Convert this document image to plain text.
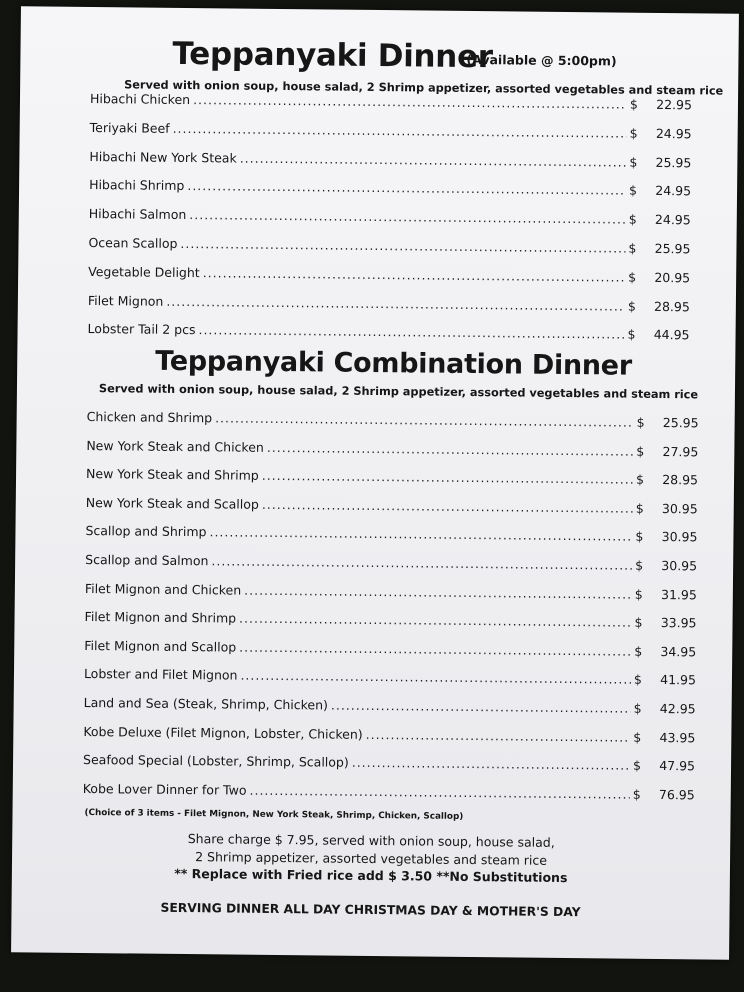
Teppanyaki Dinner
(Available @ 5:00pm)
Served with onion soup, house salad, 2 Shrimp appetizer, assorted vegetables and steam rice
Hibachi Chicken .....	$ 22.95
Teriyaki Beef .....	$ 24.95
Hibachi New York Steak .....	$ 25.95
Hibachi Shrimp .....	$ 24.95
Hibachi Salmon .....	$ 24.95
Ocean Scallop .....	$ 25.95
Vegetable Delight .....	$ 20.95
Filet Mignon .....	$ 28.95
Lobster Tail 2 pcs .....	$ 44.95
Teppanyaki Combination Dinner
Served with onion soup, house salad, 2 Shrimp appetizer, assorted vegetables and steam rice
Chicken and Shrimp .....	$ 25.95
New York Steak and Chicken .....	$ 27.95
New York Steak and Shrimp .....	$ 28.95
New York Steak and Scallop .....	$ 30.95
Scallop and Shrimp .....	$ 30.95
Scallop and Salmon .....	$ 30.95
Filet Mignon and Chicken .....	$ 31.95
Filet Mignon and Shrimp .....	$ 33.95
Filet Mignon and Scallop .....	$ 34.95
Lobster and Filet Mignon .....	$ 41.95
Land and Sea (Steak, Shrimp, Chicken) .....	$ 42.95
Kobe Deluxe (Filet Mignon, Lobster, Chicken) .....	$ 43.95
Seafood Special (Lobster, Shrimp, Scallop) .....	$ 47.95
Kobe Lover Dinner for Two .....	$ 76.95
(Choice of 3 items - Filet Mignon, New York Steak, Shrimp, Chicken, Scallop)
Share charge $ 7.95, served with onion soup, house salad,
2 Shrimp appetizer, assorted vegetables and steam rice
** Replace with Fried rice add $ 3.50 **No Substitutions
SERVING DINNER ALL DAY CHRISTMAS DAY & MOTHER'S DAY
